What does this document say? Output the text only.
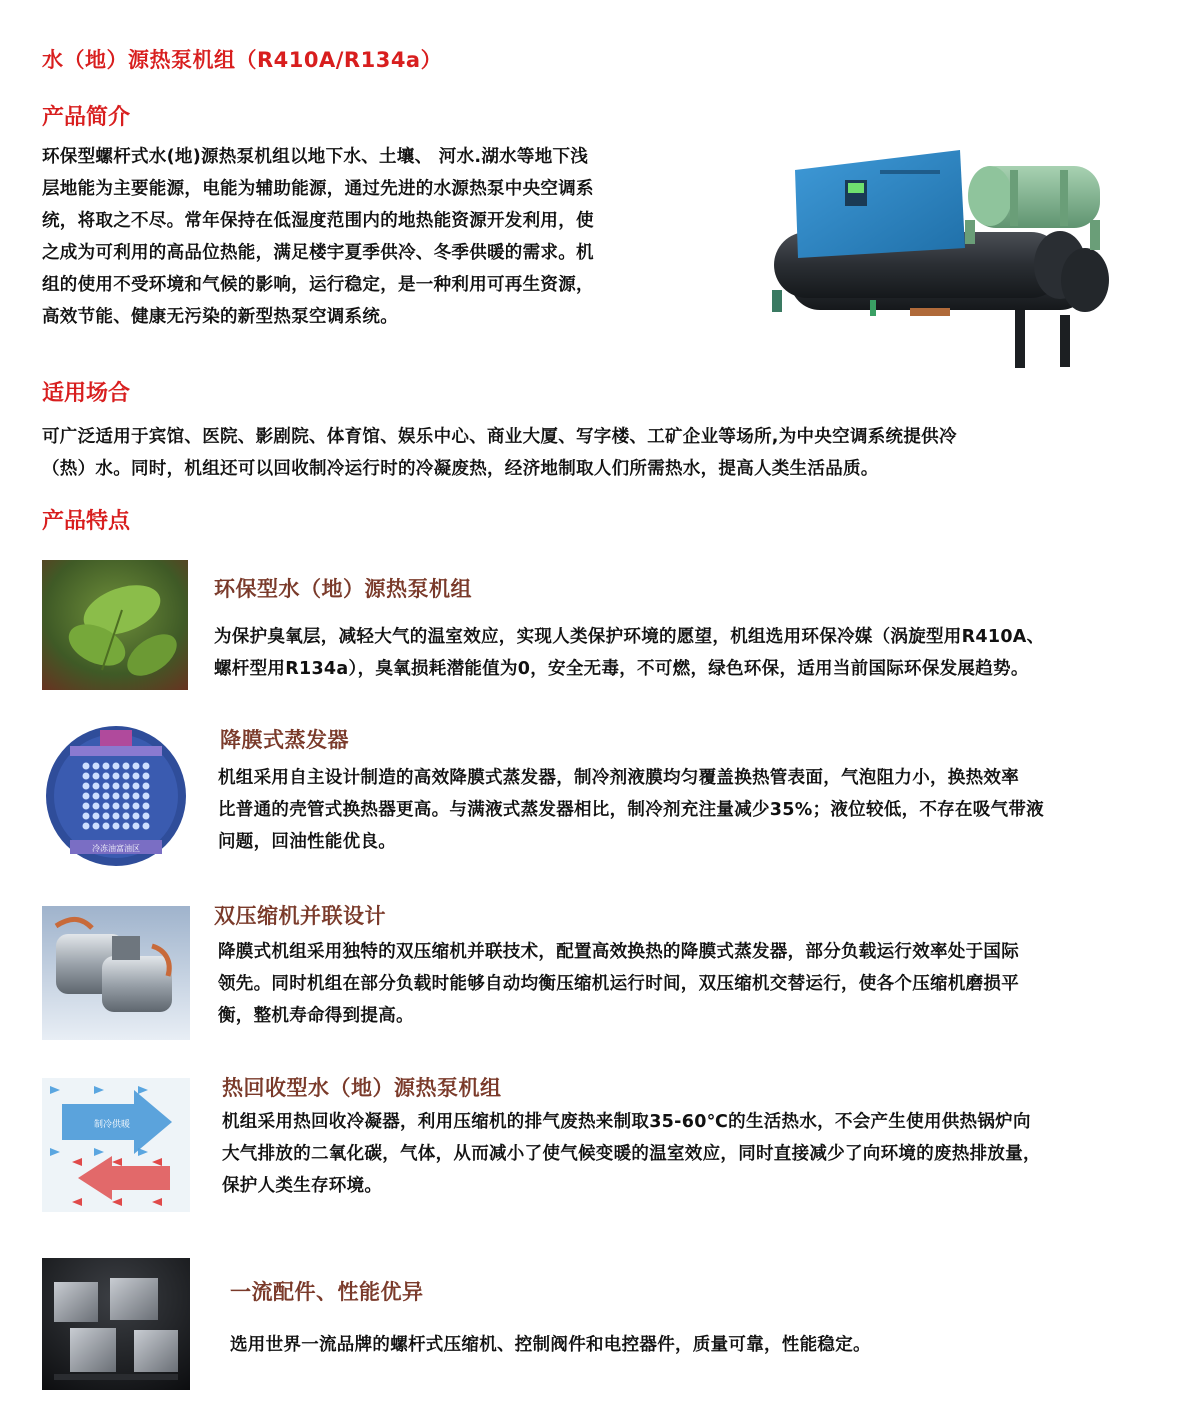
水（地）源热泵机组（R410A/R134a）
产品简介
环保型螺杆式水(地)源热泵机组以地下水、土壤、 河水.湖水等地下浅
层地能为主要能源，电能为辅助能源，通过先进的水源热泵中央空调系
统，将取之不尽。常年保持在低湿度范围内的地热能资源开发利用，使
之成为可利用的高品位热能，满足楼宇夏季供冷、冬季供暖的需求。机
组的使用不受环境和气候的影响，运行稳定，是一种利用可再生资源，
高效节能、健康无污染的新型热泵空调系统。
适用场合
可广泛适用于宾馆、医院、影剧院、体育馆、娱乐中心、商业大厦、写字楼、工矿企业等场所,为中央空调系统提供冷
（热）水。同时，机组还可以回收制冷运行时的冷凝废热，经济地制取人们所需热水，提高人类生活品质。
产品特点
环保型水（地）源热泵机组
为保护臭氧层，减轻大气的温室效应，实现人类保护环境的愿望，机组选用环保冷媒（涡旋型用R410A、
螺杆型用R134a），臭氧损耗潜能值为0，安全无毒，不可燃，绿色环保，适用当前国际环保发展趋势。
冷冻油富油区
降膜式蒸发器
机组采用自主设计制造的高效降膜式蒸发器，制冷剂液膜均匀覆盖换热管表面，气泡阻力小，换热效率
比普通的壳管式换热器更高。与满液式蒸发器相比，制冷剂充注量减少35%；液位较低，不存在吸气带液
问题，回油性能优良。
双压缩机并联设计
降膜式机组采用独特的双压缩机并联技术，配置高效换热的降膜式蒸发器，部分负载运行效率处于国际
领先。同时机组在部分负载时能够自动均衡压缩机运行时间，双压缩机交替运行，使各个压缩机磨损平
衡，整机寿命得到提高。
制冷供暖
热回收型水（地）源热泵机组
机组采用热回收冷凝器，利用压缩机的排气废热来制取35-60℃的生活热水，不会产生使用供热锅炉向
大气排放的二氧化碳，气体，从而减小了使气候变暖的温室效应，同时直接减少了向环境的废热排放量，
保护人类生存环境。
一流配件、性能优异
选用世界一流品牌的螺杆式压缩机、控制阀件和电控器件，质量可靠，性能稳定。
